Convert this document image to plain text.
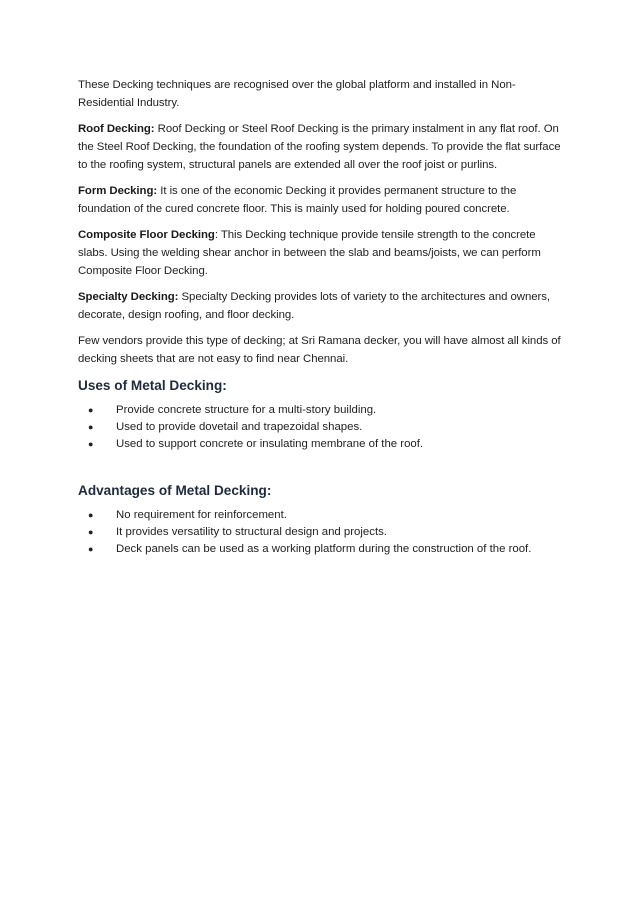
These Decking techniques are recognised over the global platform and installed in Non-Residential Industry.

Roof Decking: Roof Decking or Steel Roof Decking is the primary instalment in any flat roof. On the Steel Roof Decking, the foundation of the roofing system depends. To provide the flat surface to the roofing system, structural panels are extended all over the roof joist or purlins.

Form Decking: It is one of the economic Decking it provides permanent structure to the foundation of the cured concrete floor. This is mainly used for holding poured concrete.

Composite Floor Decking: This Decking technique provide tensile strength to the concrete slabs. Using the welding shear anchor in between the slab and beams/joists, we can perform Composite Floor Decking.

Specialty Decking: Specialty Decking provides lots of variety to the architectures and owners, decorate, design roofing, and floor decking.

Few vendors provide this type of decking; at Sri Ramana decker, you will have almost all kinds of decking sheets that are not easy to find near Chennai.

Uses of Metal Decking:
●	Provide concrete structure for a multi-story building.
●	Used to provide dovetail and trapezoidal shapes.
●	Used to support concrete or insulating membrane of the roof.
Advantages of Metal Decking:
●	No requirement for reinforcement.
●	It provides versatility to structural design and projects.
●	Deck panels can be used as a working platform during the construction of the roof.
